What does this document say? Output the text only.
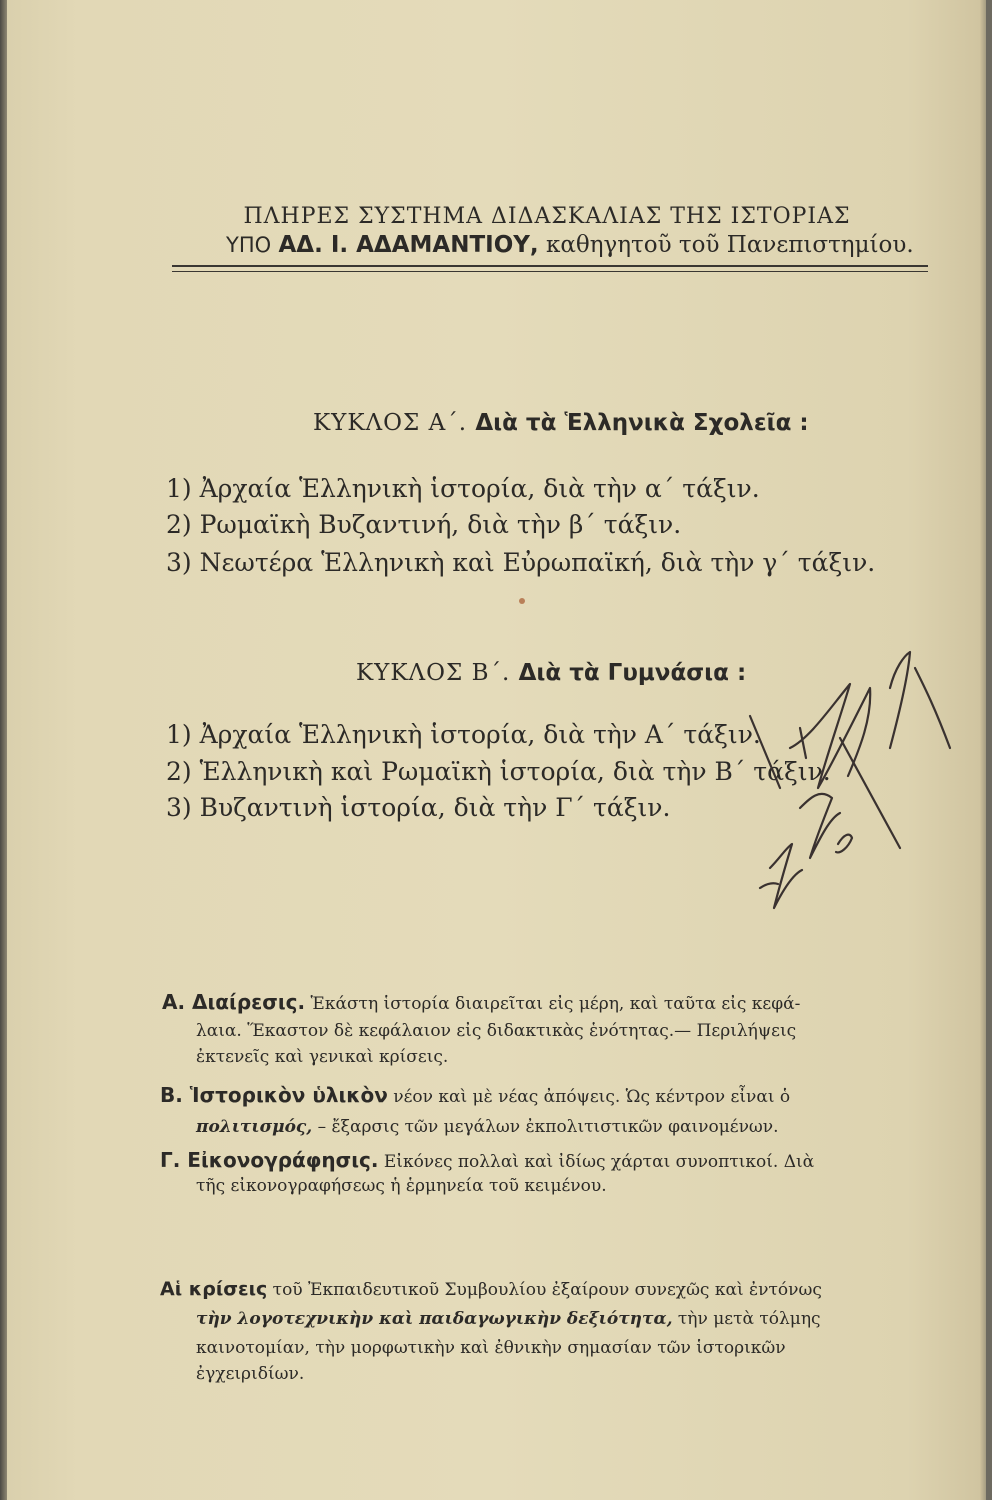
ΠΛΗΡΕΣ ΣΥΣΤΗΜΑ ΔΙΔΑΣΚΑΛΙΑΣ ΤΗΣ ΙΣΤΟΡΙΑΣ
ΥΠΟ ΑΔ. Ι. ΑΔΑΜΑΝΤΙΟΥ, καθηγητοῦ τοῦ Πανεπιστημίου.
ΚΥΚΛΟΣ Α΄. Διὰ τὰ Ἑλληνικὰ Σχολεῖα :
1) Ἀρχαία Ἑλληνικὴ ἱστορία, διὰ τὴν α΄ τάξιν.
2) Ρωμαϊκὴ Βυζαντινή, διὰ τὴν β΄ τάξιν.
3) Νεωτέρα Ἑλληνικὴ καὶ Εὐρωπαϊκή, διὰ τὴν γ΄ τάξιν.
ΚΥΚΛΟΣ Β΄. Διὰ τὰ Γυμνάσια :
1) Ἀρχαία Ἑλληνικὴ ἱστορία, διὰ τὴν Α΄ τάξιν.
2) Ἑλληνικὴ καὶ Ρωμαϊκὴ ἱστορία, διὰ τὴν Β΄ τάξιν.
3) Βυζαντινὴ ἱστορία, διὰ τὴν Γ΄ τάξιν.
Α. Διαίρεσις. Ἑκάστη ἱστορία διαιρεῖται εἰς μέρη, καὶ ταῦτα εἰς κεφά-
λαια. Ἕκαστον δὲ κεφάλαιον εἰς διδακτικὰς ἑνότητας.— Περιλήψεις
ἐκτενεῖς καὶ γενικαὶ κρίσεις.
Β. Ἱστορικὸν ὑλικὸν νέον καὶ μὲ νέας ἀπόψεις. Ὡς κέντρον εἶναι ὁ
πολιτισμός, – ἔξαρσις τῶν μεγάλων ἐκπολιτιστικῶν φαινομένων.
Γ. Εἰκονογράφησις. Εἰκόνες πολλαὶ καὶ ἰδίως χάρται συνοπτικοί. Διὰ
τῆς εἰκονογραφήσεως ἡ ἑρμηνεία τοῦ κειμένου.
Αἱ κρίσεις τοῦ Ἐκπαιδευτικοῦ Συμβουλίου ἐξαίρουν συνεχῶς καὶ ἐντόνως
τὴν λογοτεχνικὴν καὶ παιδαγωγικὴν δεξιότητα, τὴν μετὰ τόλμης
καινοτομίαν, τὴν μορφωτικὴν καὶ ἐθνικὴν σημασίαν τῶν ἱστορικῶν
ἐγχειριδίων.
